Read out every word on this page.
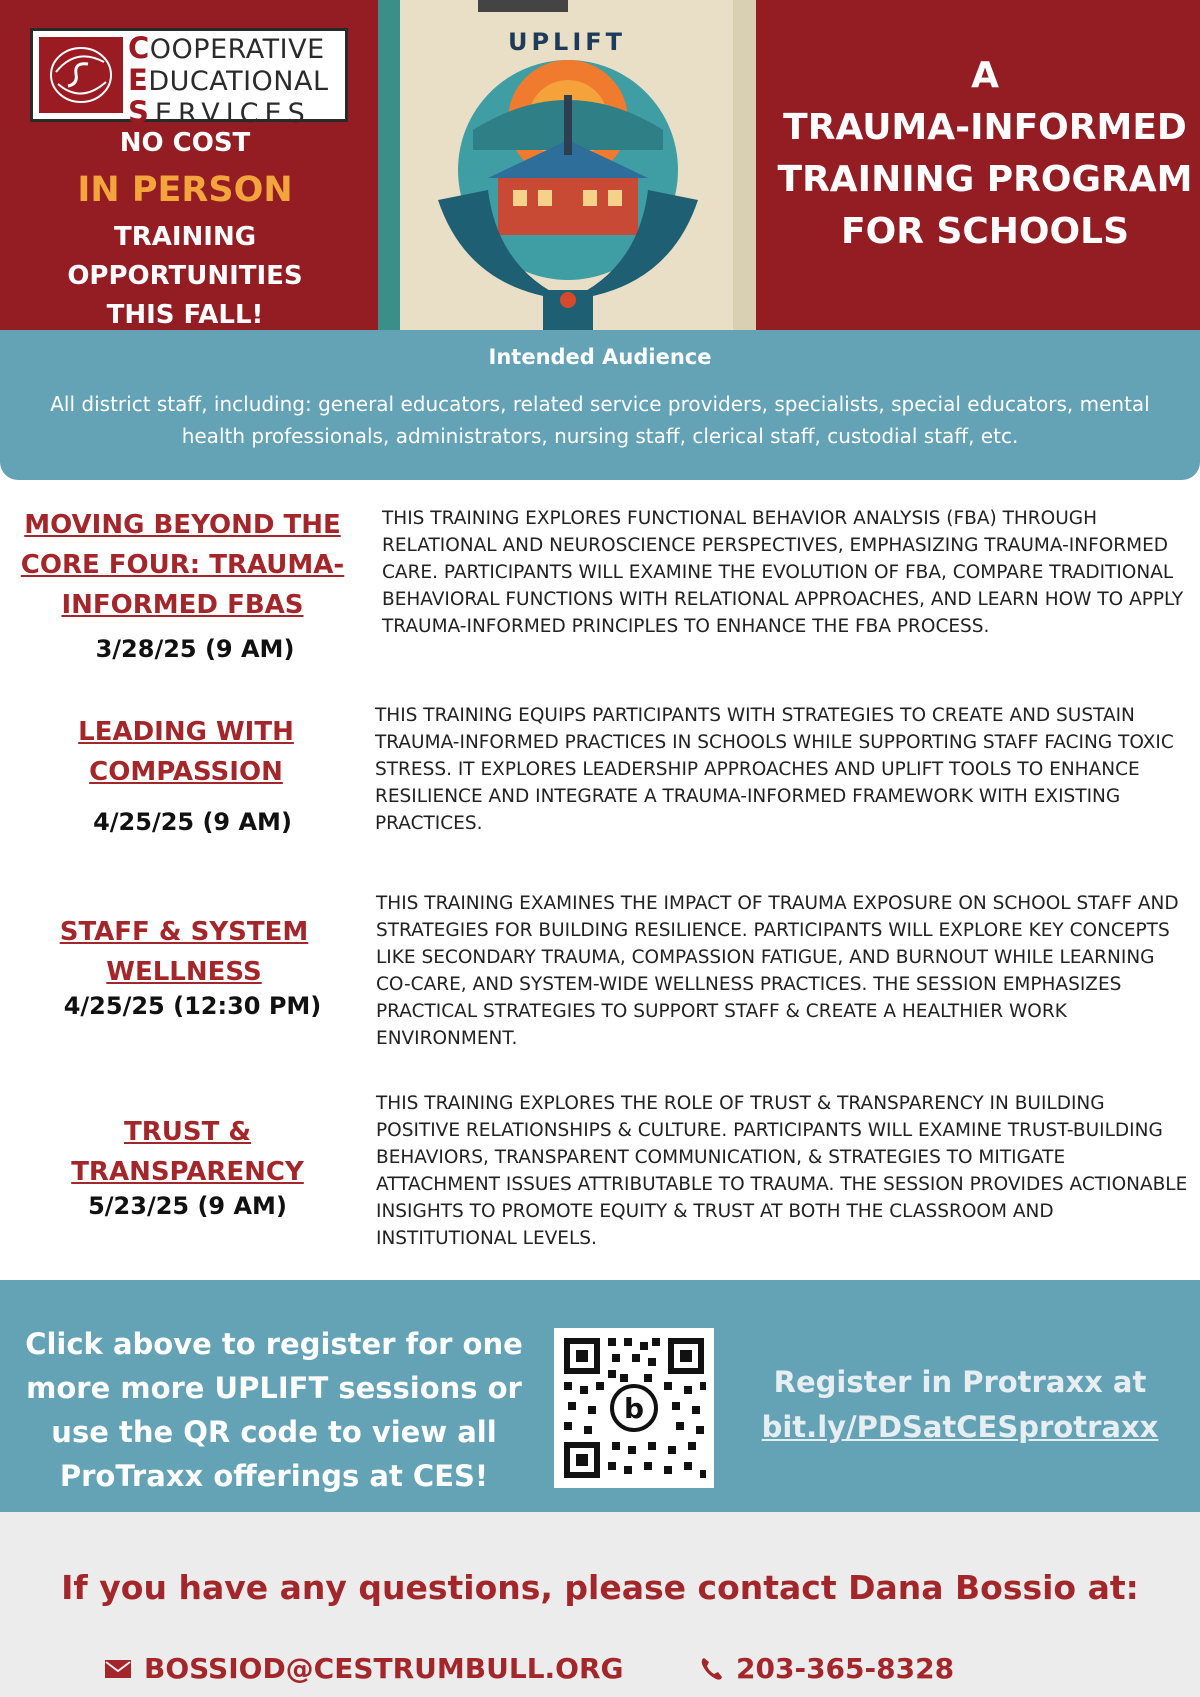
COOPERATIVE
EDUCATIONAL
SERVICES
NO COST
IN PERSON
TRAINING
OPPORTUNITIES
THIS FALL!
UPLIFT
A
TRAUMA-INFORMED
TRAINING PROGRAM
FOR SCHOOLS
Intended Audience
All district staff, including: general educators, related service providers, specialists, special educators, mental health professionals, administrators, nursing staff, clerical staff, custodial staff, etc.
MOVING BEYOND THE
CORE FOUR: TRAUMA-
INFORMED FBAS
3/28/25 (9 AM)
THIS TRAINING EXPLORES FUNCTIONAL BEHAVIOR ANALYSIS (FBA) THROUGH RELATIONAL AND NEUROSCIENCE PERSPECTIVES, EMPHASIZING TRAUMA-INFORMED CARE. PARTICIPANTS WILL EXAMINE THE EVOLUTION OF FBA, COMPARE TRADITIONAL BEHAVIORAL FUNCTIONS WITH RELATIONAL APPROACHES, AND LEARN HOW TO APPLY TRAUMA-INFORMED PRINCIPLES TO ENHANCE THE FBA PROCESS.
LEADING WITH
COMPASSION
4/25/25 (9 AM)
THIS TRAINING EQUIPS PARTICIPANTS WITH STRATEGIES TO CREATE AND SUSTAIN TRAUMA-INFORMED PRACTICES IN SCHOOLS WHILE SUPPORTING STAFF FACING TOXIC STRESS. IT EXPLORES LEADERSHIP APPROACHES AND UPLIFT TOOLS TO ENHANCE RESILIENCE AND INTEGRATE A TRAUMA-INFORMED FRAMEWORK WITH EXISTING PRACTICES.
STAFF & SYSTEM
WELLNESS
4/25/25 (12:30 PM)
THIS TRAINING EXAMINES THE IMPACT OF TRAUMA EXPOSURE ON SCHOOL STAFF AND STRATEGIES FOR BUILDING RESILIENCE. PARTICIPANTS WILL EXPLORE KEY CONCEPTS LIKE SECONDARY TRAUMA, COMPASSION FATIGUE, AND BURNOUT WHILE LEARNING CO-CARE, AND SYSTEM-WIDE WELLNESS PRACTICES. THE SESSION EMPHASIZES PRACTICAL STRATEGIES TO SUPPORT STAFF & CREATE A HEALTHIER WORK ENVIRONMENT.
TRUST &
TRANSPARENCY
5/23/25 (9 AM)
THIS TRAINING EXPLORES THE ROLE OF TRUST & TRANSPARENCY IN BUILDING POSITIVE RELATIONSHIPS & CULTURE. PARTICIPANTS WILL EXAMINE TRUST-BUILDING BEHAVIORS, TRANSPARENT COMMUNICATION, & STRATEGIES TO MITIGATE ATTACHMENT ISSUES ATTRIBUTABLE TO TRAUMA. THE SESSION PROVIDES ACTIONABLE INSIGHTS TO PROMOTE EQUITY & TRUST AT BOTH THE CLASSROOM AND INSTITUTIONAL LEVELS.
Click above to register for one
more more UPLIFT sessions or
use the QR code to view all
ProTraxx offerings at CES!
b
Register in Protraxx at
bit.ly/PDSatCESprotraxx
If you have any questions, please contact Dana Bossio at:
BOSSIOD@CESTRUMBULL.ORG	203-365-8328
